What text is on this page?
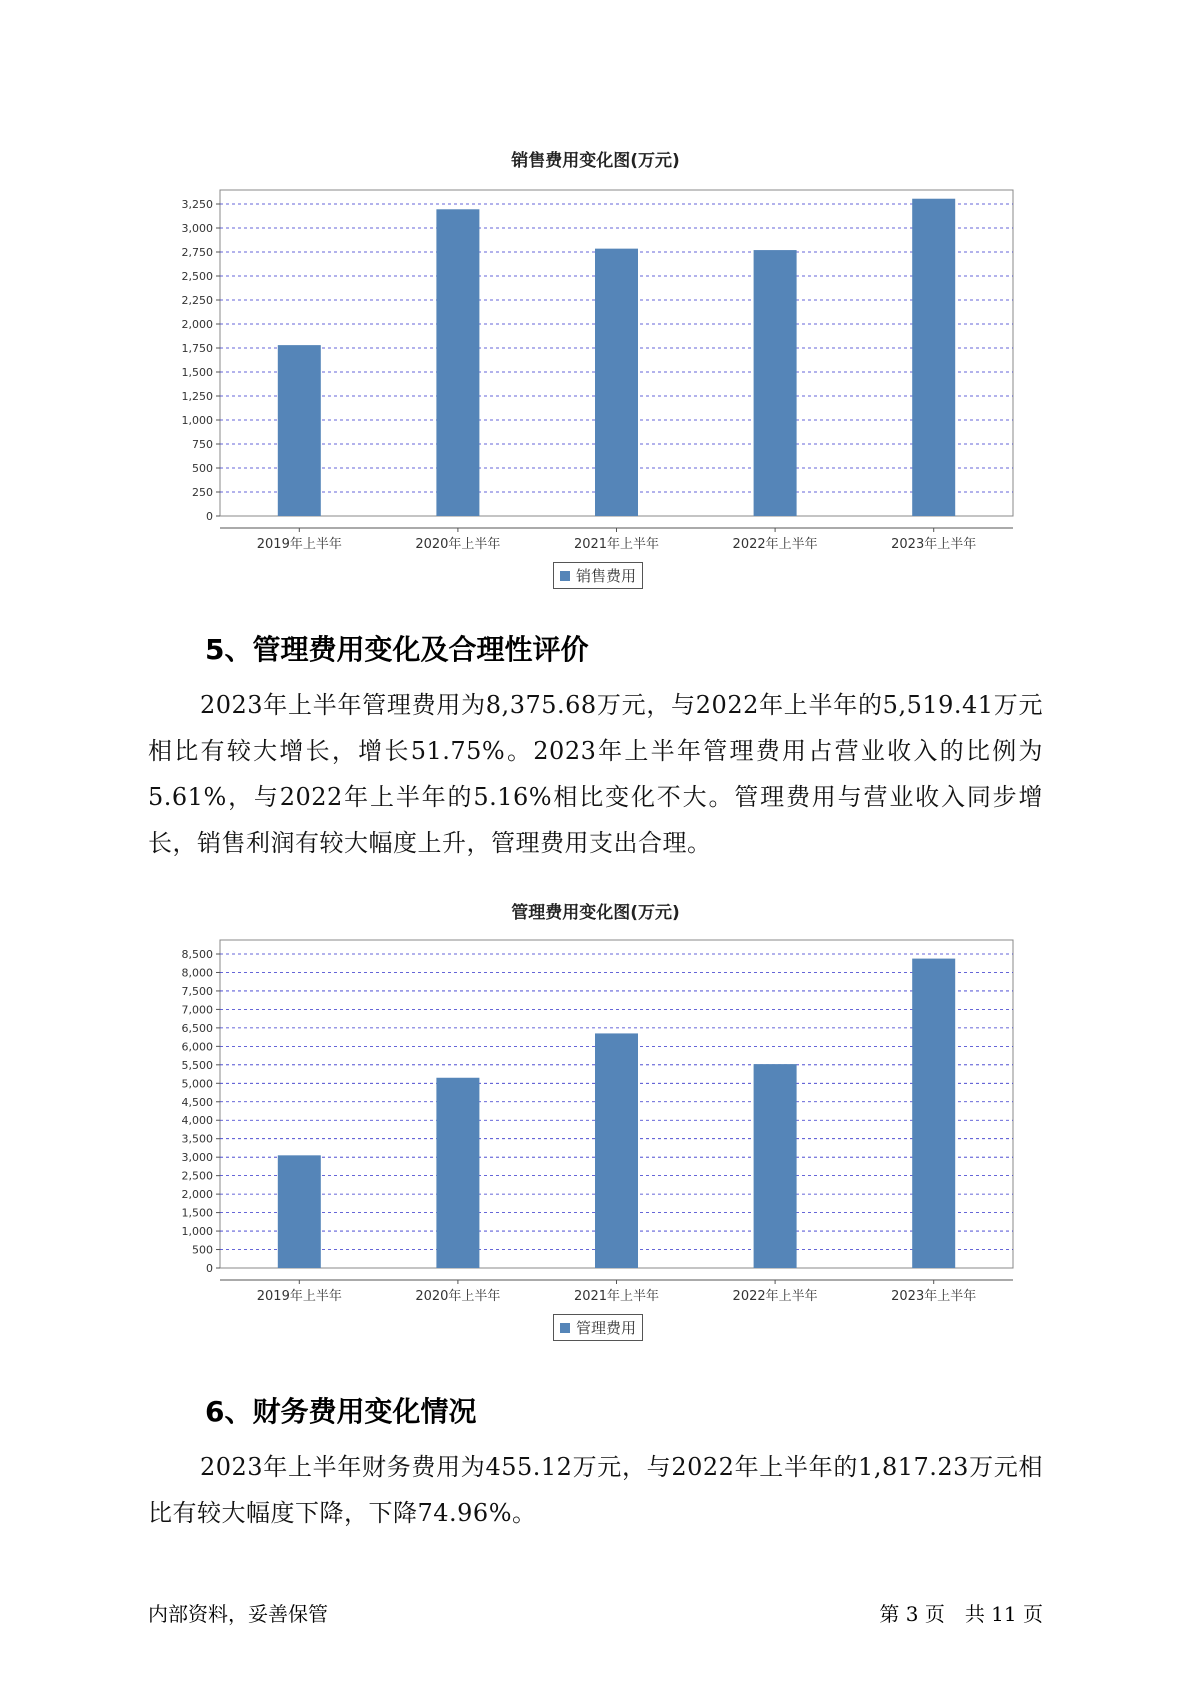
销售费用变化图(万元)
0
250
500
750
1,000
1,250
1,500
1,750
2,000
2,250
2,500
2,750
3,000
3,250
2019年上半年	2020年上半年	2021年上半年	2022年上半年	2023年上半年
销售费用
5、管理费用变化及合理性评价
2023年上半年管理费用为8,375.68万元，与2022年上半年的5,519.41万元相比有较大增长，增长51.75%。2023年上半年管理费用占营业收入的比例为5.61%，与2022年上半年的5.16%相比变化不大。管理费用与营业收入同步增长，销售利润有较大幅度上升，管理费用支出合理。
管理费用变化图(万元)
0
500
1,000
1,500
2,000
2,500
3,000
3,500
4,000
4,500
5,000
5,500
6,000
6,500
7,000
7,500
8,000
8,500
2019年上半年	2020年上半年	2021年上半年	2022年上半年	2023年上半年
管理费用
6、财务费用变化情况
2023年上半年财务费用为455.12万元，与2022年上半年的1,817.23万元相比有较大幅度下降，下降74.96%。
内部资料，妥善保管	第 3 页　共 11 页
